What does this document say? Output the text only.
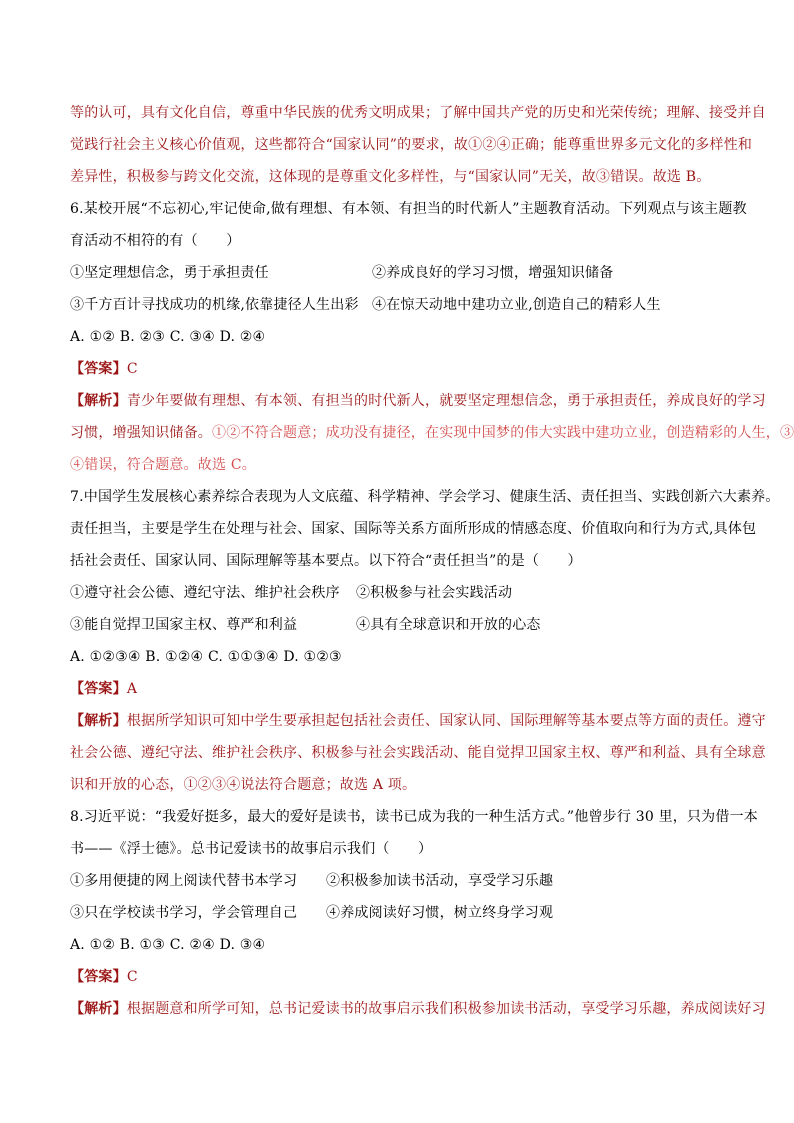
等的认可，具有文化自信，尊重中华民族的优秀文明成果；了解中国共产党的历史和光荣传统；理解、接受并自
觉践行社会主义核心价值观，这些都符合“国家认同”的要求，故①②④正确；能尊重世界多元文化的多样性和
差异性，积极参与跨文化交流，这体现的是尊重文化多样性，与“国家认同”无关，故③错误。故选 B。
6.某校开展“不忘初心,牢记使命,做有理想、有本领、有担当的时代新人”主题教育活动。下列观点与该主题教
育活动不相符的有（　　）
①坚定理想信念，勇于承担责任	②养成良好的学习习惯，增强知识储备
③千方百计寻找成功的机缘,依靠捷径人生出彩 ④在惊天动地中建功立业,创造自己的精彩人生
A. ①② B. ②③ C. ③④ D. ②④
【答案】C
【解析】青少年要做有理想、有本领、有担当的时代新人，就要坚定理想信念，勇于承担责任，养成良好的学习
习惯，增强知识储备。①②不符合题意；成功没有捷径，在实现中国梦的伟大实践中建功立业，创造精彩的人生，③
④错误，符合题意。故选 C。
7.中国学生发展核心素养综合表现为人文底蕴、科学精神、学会学习、健康生活、责任担当、实践创新六大素养。
责任担当，主要是学生在处理与社会、国家、国际等关系方面所形成的情感态度、价值取向和行为方式,具体包
括社会责任、国家认同、国际理解等基本要点。以下符合“责任担当”的是（　　）
①遵守社会公德、遵纪守法、维护社会秩序 ②积极参与社会实践活动
③能自觉捍卫国家主权、尊严和利益	④具有全球意识和开放的心态
A. ①②③④ B. ①②④ C. ①①③④ D. ①②③
【答案】A
【解析】根据所学知识可知中学生要承担起包括社会责任、国家认同、国际理解等基本要点等方面的责任。遵守
社会公德、遵纪守法、维护社会秩序、积极参与社会实践活动、能自觉捍卫国家主权、尊严和利益、具有全球意
识和开放的心态，①②③④说法符合题意；故选 A 项。
8.习近平说：“我爱好挺多，最大的爱好是读书，读书已成为我的一种生活方式。”他曾步行 30 里，只为借一本
书——《浮士德》。总书记爱读书的故事启示我们（　　）
①多用便捷的网上阅读代替书本学习 ②积极参加读书活动，享受学习乐趣
③只在学校读书学习，学会管理自己 ④养成阅读好习惯，树立终身学习观
A. ①② B. ①③ C. ②④ D. ③④
【答案】C
【解析】根据题意和所学可知，总书记爱读书的故事启示我们积极参加读书活动，享受学习乐趣，养成阅读好习
